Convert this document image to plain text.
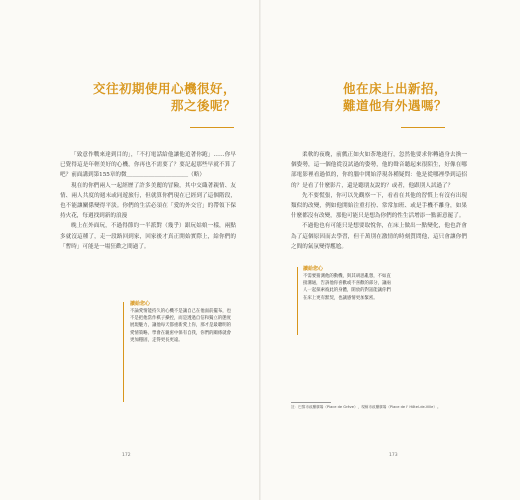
交往初期使用心機很好，
那之後呢？

「致意作戰來達到目的」，「不打電話給他讓他追著你跑」……你早已覺得這是年輕美好的心機，你再也不需要了？要記起那些早就不算了吧？前面講到第155章的微＿＿＿＿＿＿＿＿＿＿＿（略）

現在的你們兩人一起經歷了許多美麗的冒險，其中交織著親情、友情、兩人共度的週末或同遊旅行，但就算你們現在已經到了這個階段，也不能讓關係變得平淡。你們的生活必須在「愛的外交官」的帶領下保持火花，每週找到新的浪漫

晚上在外面玩，不過得節約一半派對（幾乎）跟玩姑娘一樣，兩點多就沒這種了，走一段路回到家，回家後才真正開始實際上，給你們的「暫時」可能是一場狂歡之間過了。

讀給您心
不論愛情能持久的心機不是讓自己在他面前擺布，也不是把他當作棋子操控，而是透過自信和獨立的態度展現魅力，讓他每天都重新愛上你，那才是最聰明的愛情策略。學會在親密中保有自我，你們的關係就會更加穩固，走得更長更遠。
172
他在床上出新招，
難道他有外遇嗎？

柔軟的夜晚，前戲正如火如荼地進行，忽然他要求你轉過身去換一個姿勢，這一個他從沒試過的姿勢，他的聲音聽起來很陌生，好像在哪部電影裡看過似的，你的腦中開始浮現各種疑問：他是從哪裡學到這招的？是看了什麼影片，還是聽朋友說的？或者，他跟別人試過了？

先不要慌張，你可以先觀察一下，看看在其他的習慣上有沒有出現類似的改變，例如他開始注重打扮、常常加班、或是手機不離身，如果什麼都沒有改變，那他可能只是想為你們的性生活增添一點新意罷了。

不過他也有可能只是想要取悅你，在床上做出一點變化，他也許會為了這個原因而去學習，但千萬別在激情的時刻質問他，這只會讓你們之間的氣氛變得尷尬。

讀給您心
不需要猜測他的動機，與其胡思亂想，不如直接溝通，告訴他你喜歡或不喜歡的部分，讓兩人一起探索彼此的身體，開放的對話能讓你們在床上更有默契，也讓感情更加緊密。
註：巴黎市政廳廣場（Place de Grève），現稱市政廳廣場（Place de l' Hôtel-de-Ville）。
173
